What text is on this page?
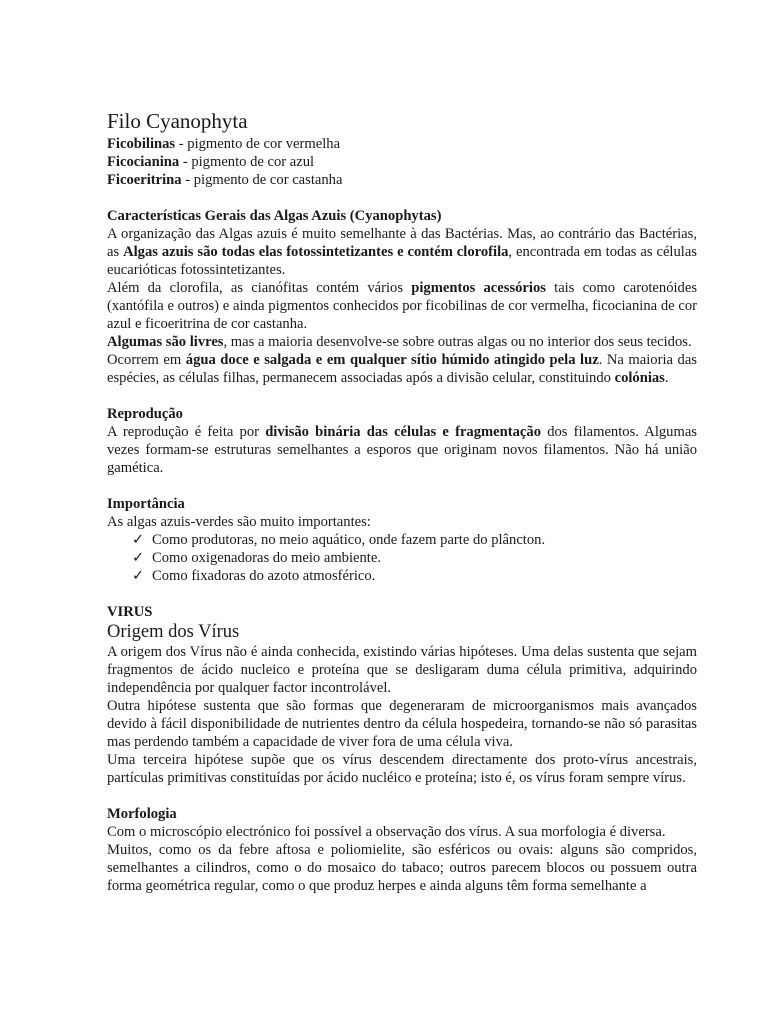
Filo Cyanophyta
Ficobilinas - pigmento de cor vermelha
Ficocianina - pigmento de cor azul
Ficoeritrina - pigmento de cor castanha
Características Gerais das Algas Azuis (Cyanophytas)

A organização das Algas azuis é muito semelhante à das Bactérias. Mas, ao contrário das Bactérias, as Algas azuis são todas elas fotossintetizantes e contém clorofila, encontrada em todas as células eucarióticas fotossintetizantes.

Além da clorofila, as cianófitas contém vários pigmentos acessórios tais como carotenóides (xantófila e outros) e ainda pigmentos conhecidos por ficobilinas de cor vermelha, ficocianina de cor azul e ficoeritrina de cor castanha.

Algumas são livres, mas a maioria desenvolve-se sobre outras algas ou no interior dos seus tecidos.

Ocorrem em água doce e salgada e em qualquer sítio húmido atingido pela luz. Na maioria das espécies, as células filhas, permanecem associadas após a divisão celular, constituindo colónias.

Reprodução

A reprodução é feita por divisão binária das células e fragmentação dos filamentos. Algumas vezes formam-se estruturas semelhantes a esporos que originam novos filamentos. Não há união gamética.

Importância

As algas azuis-verdes são muito importantes:

✓ Como produtoras, no meio aquático, onde fazem parte do plâncton.
✓ Como oxigenadoras do meio ambiente.
✓ Como fixadoras do azoto atmosférico.
VIRUS
Origem dos Vírus

A origem dos Vírus não é ainda conhecida, existindo várias hipóteses. Uma delas sustenta que sejam fragmentos de ácido nucleico e proteína que se desligaram duma célula primitiva, adquirindo independência por qualquer factor incontrolável.

Outra hipótese sustenta que são formas que degeneraram de microorganismos mais avançados devido à fácil disponibilidade de nutrientes dentro da célula hospedeira, tornando-se não só parasitas mas perdendo também a capacidade de viver fora de uma célula viva.

Uma terceira hipótese supõe que os vírus descendem directamente dos proto-vírus ancestrais, partículas primitivas constituídas por ácido nucléico e proteína; isto é, os vírus foram sempre vírus.

Morfologia

Com o microscópio electrónico foi possível a observação dos vírus. A sua morfologia é diversa.

Muitos, como os da febre aftosa e poliomielite, são esféricos ou ovais: alguns são compridos, semelhantes a cilindros, como o do mosaico do tabaco; outros parecem blocos ou possuem outra forma geométrica regular, como o que produz herpes e ainda alguns têm forma semelhante a
